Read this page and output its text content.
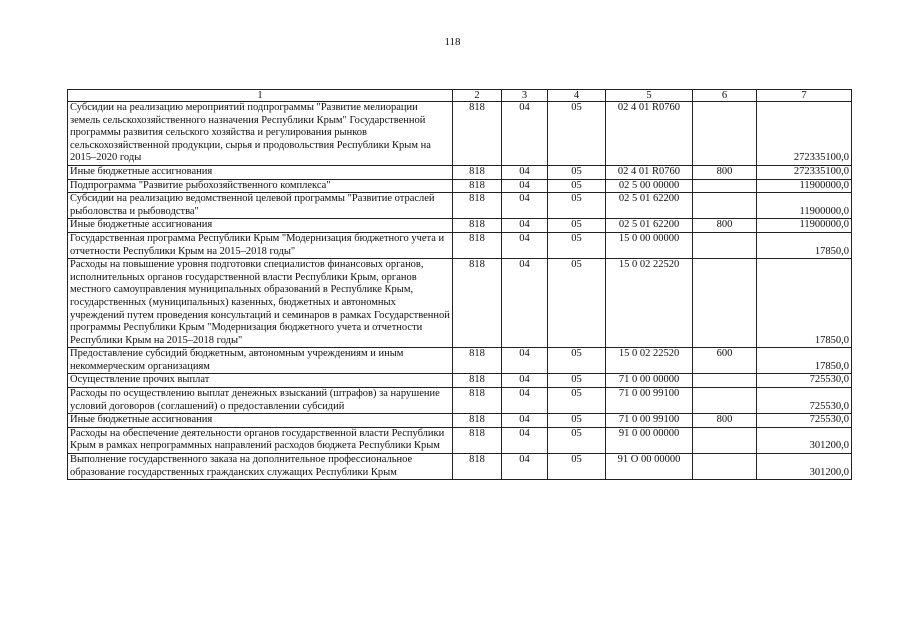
118
1	2	3	4	5	6	7
Субсидии на реализацию мероприятий подпрограммы "Развитие мелиорации земель сельскохозяйственного назначения Республики Крым" Государственной программы развития сельского хозяйства и регулирования рынков сельскохозяйственной продукции, сырья и продовольствия Республики Крым на 2015–2020 годы	818	04	05	02 4 01 R0760		272335100,0
Иные бюджетные ассигнования	818	04	05	02 4 01 R0760	800	272335100,0
Подпрограмма "Развитие рыбохозяйственного комплекса"	818	04	05	02 5 00 00000		11900000,0
Субсидии на реализацию ведомственной целевой программы "Развитие отраслей рыболовства и рыбоводства"	818	04	05	02 5 01 62200		11900000,0
Иные бюджетные ассигнования	818	04	05	02 5 01 62200	800	11900000,0
Государственная программа Республики Крым "Модернизация бюджетного учета и отчетности Республики Крым на 2015–2018 годы"	818	04	05	15 0 00 00000		17850,0
Расходы на повышение уровня подготовки специалистов финансовых органов, исполнительных органов государственной власти Республики Крым, органов местного самоуправления муниципальных образований в Республике Крым, государственных (муниципальных) казенных, бюджетных и автономных учреждений путем проведения консультаций и семинаров в рамках Государственной программы Республики Крым "Модернизация бюджетного учета и отчетности Республики Крым на 2015–2018 годы"	818	04	05	15 0 02 22520		17850,0
Предоставление субсидий бюджетным, автономным учреждениям и иным некоммерческим организациям	818	04	05	15 0 02 22520	600	17850,0
Осуществление прочих выплат	818	04	05	71 0 00 00000		725530,0
Расходы по осуществлению выплат денежных взысканий (штрафов) за нарушение условий договоров (соглашений) о предоставлении субсидий	818	04	05	71 0 00 99100		725530,0
Иные бюджетные ассигнования	818	04	05	71 0 00 99100	800	725530,0
Расходы на обеспечение деятельности органов государственной власти Республики Крым в рамках непрограммных направлений расходов бюджета Республики Крым	818	04	05	91 0 00 00000		301200,0
Выполнение государственного заказа на дополнительное профессиональное образование государственных гражданских служащих Республики Крым	818	04	05	91 О 00 00000		301200,0
